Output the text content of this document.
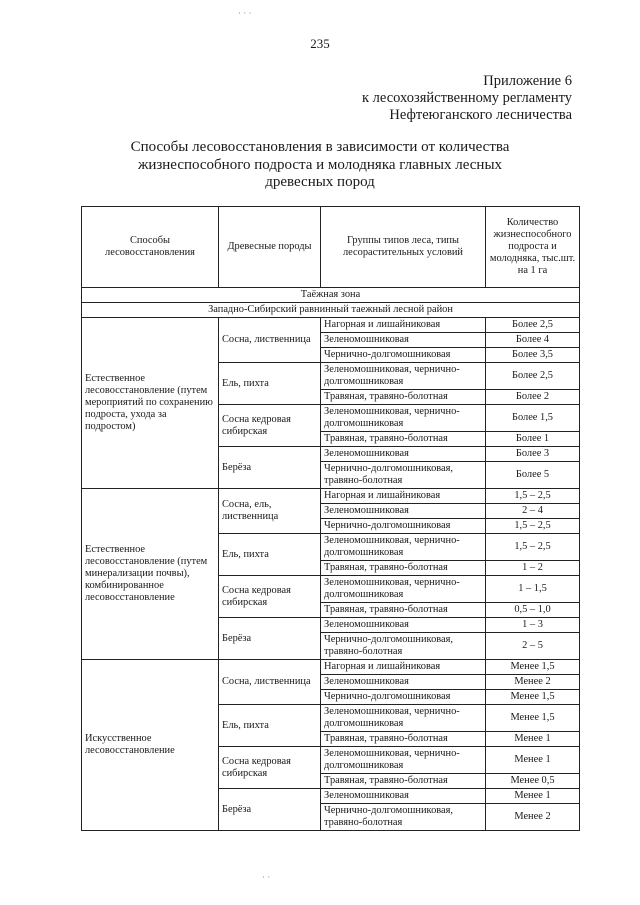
· · ·
235
Приложение 6
к лесохозяйственному регламенту
Нефтеюганского лесничества
Способы лесовосстановления в зависимости от количества
жизнеспособного подроста и молодняка главных лесных
древесных пород
Способы лесовосстановления	Древесные породы	Группы типов леса, типы лесорастительных условий	Количество жизнеспособного подроста и молодняка, тыс.шт. на 1 га
Таёжная зона			
Западно-Сибирский равнинный таежный лесной район			
Естественное лесовосстановление (путем мероприятий по сохранению подроста, ухода за подростом)	Сосна, лиственница	Нагорная и лишайниковая	Более 2,5
		Зеленомошниковая	Более 4
		Чернично-долгомошниковая	Более 3,5
	Ель, пихта	Зеленомошниковая, чернично-долгомошниковая	Более 2,5
		Травяная, травяно-болотная	Более 2
	Сосна кедровая сибирская	Зеленомошниковая, чернично-долгомошниковая	Более 1,5
		Травяная, травяно-болотная	Более 1
	Берёза	Зеленомошниковая	Более 3
		Чернично-долгомошниковая, травяно-болотная	Более 5
Естественное лесовосстановление (путем минерализации почвы), комбинированное лесовосстановление	Сосна, ель, лиственница	Нагорная и лишайниковая	1,5 – 2,5
		Зеленомошниковая	2 – 4
		Чернично-долгомошниковая	1,5 – 2,5
	Ель, пихта	Зеленомошниковая, чернично-долгомошниковая	1,5 – 2,5
		Травяная, травяно-болотная	1 – 2
	Сосна кедровая сибирская	Зеленомошниковая, чернично-долгомошниковая	1 – 1,5
		Травяная, травяно-болотная	0,5 – 1,0
	Берёза	Зеленомошниковая	1 – 3
		Чернично-долгомошниковая, травяно-болотная	2 – 5
Искусственное лесовосстановление	Сосна, лиственница	Нагорная и лишайниковая	Менее 1,5
		Зеленомошниковая	Менее 2
		Чернично-долгомошниковая	Менее 1,5
	Ель, пихта	Зеленомошниковая, чернично-долгомошниковая	Менее 1,5
		Травяная, травяно-болотная	Менее 1
	Сосна кедровая сибирская	Зеленомошниковая, чернично-долгомошниковая	Менее 1
		Травяная, травяно-болотная	Менее 0,5
	Берёза	Зеленомошниковая	Менее 1
		Чернично-долгомошниковая, травяно-болотная	Менее 2
· ·
